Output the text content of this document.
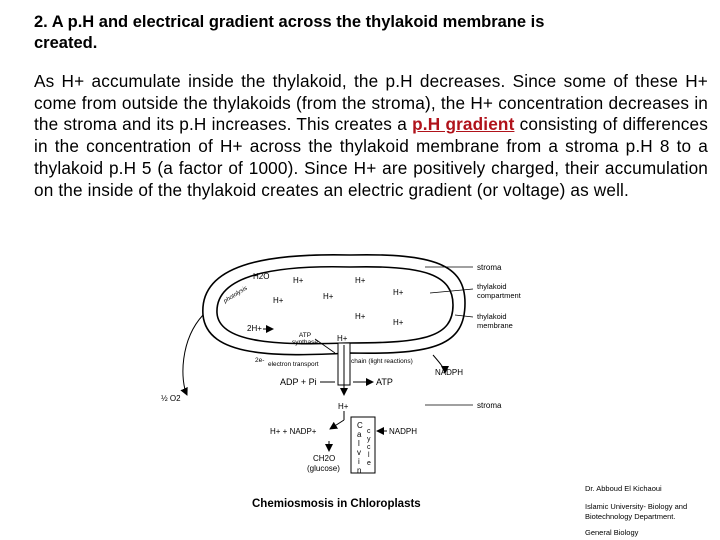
2. A p.H and electrical gradient across the thylakoid membrane is
created.
As H+ accumulate inside the thylakoid, the p.H decreases. Since some of these H+ come from outside the thylakoids (from the stroma), the H+ concentration decreases in the stroma and its p.H increases. This creates a p.H gradient consisting of differences in the concentration of H+ across the thylakoid membrane from a stroma p.H 8 to a thylakoid p.H 5 (a factor of 1000). Since H+ are positively charged, their accumulation on the inside of the thylakoid creates an electric gradient (or voltage) as well.
H2O
photolysis
H+	H+
H+	H+	H+
H+
H+
2H+
ATP synthase H+
2e-
electron transport	chain (light reactions)
ADP + Pi	ATP
½ O2
H+
H+ + NADP+
C a l v i n
c y c l e
NADPH
CH2O
(glucose)
stroma
thylakoid compartment
thylakoid membrane
NADPH
stroma
Chemiosmosis in Chloroplasts
Dr. Abboud El Kichaoui
Islamic University- Biology and Biotechnology Department.
General Biology
